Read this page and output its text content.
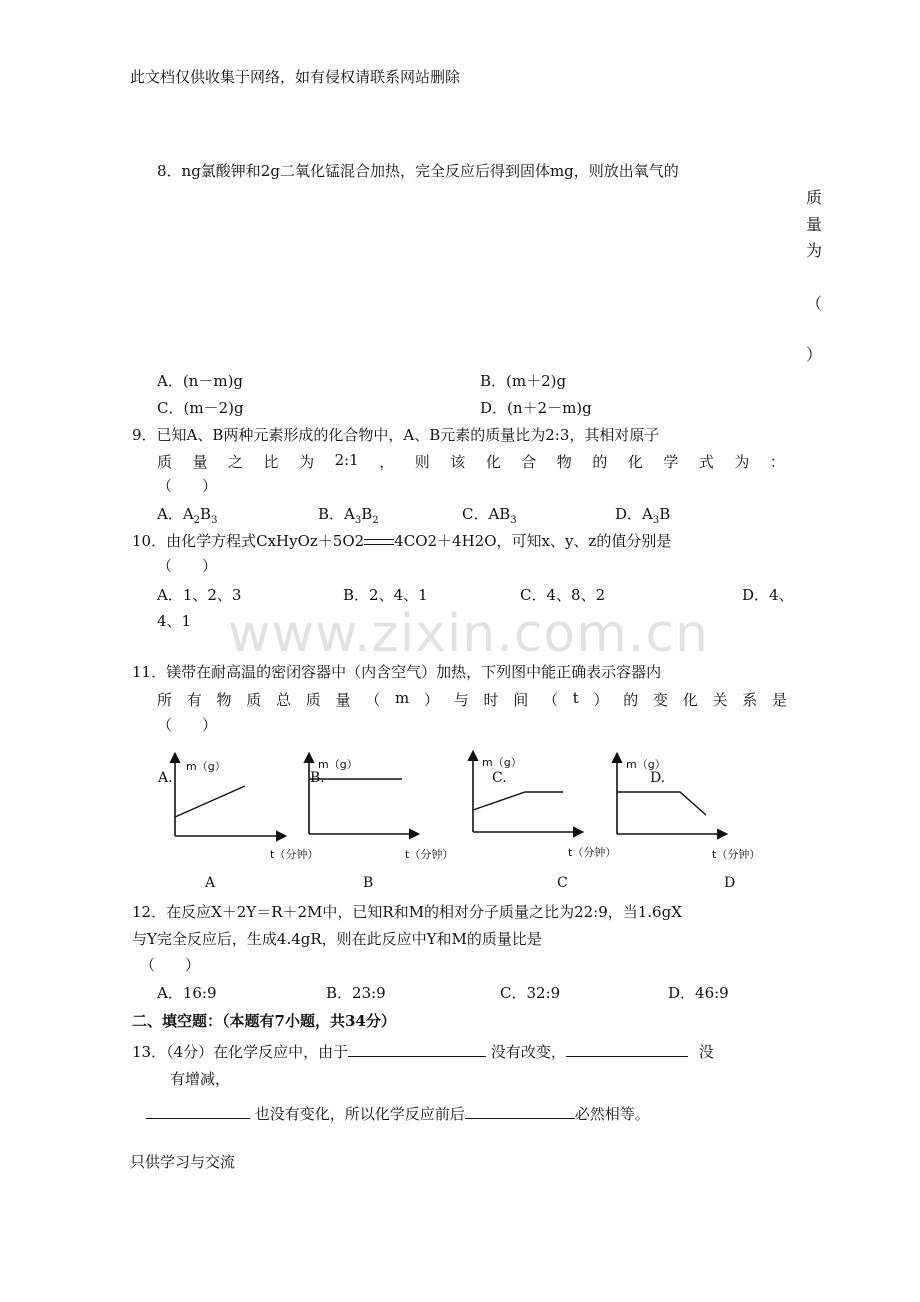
此文档仅供收集于网络，如有侵权请联系网站删除
www.zixin.com.cn
8．ng氯酸钾和2g二氧化锰混合加热，完全反应后得到固体mg，则放出氧气的
质
量
为
（
）
A．(n－m)g	B．(m＋2)g
C．(m－2)g	D．(n＋2－m)g
9．已知A、B两种元素形成的化合物中，A、B元素的质量比为2:3，其相对原子
质 量 之 比 为 2:1 ， 则 该 化 合 物 的 化 学 式 为 ：
（　　）
A．$A_2B_3$	B．$A_3B_2$	C．$AB_3$	D．$A_3B$
10．由化学方程式CxHyOz＋5O2 4CO2＋4H2O，可知x、y、z的值分别是
（　　）
A．1、2、3	B．2、4、1	C．4、8、2	D．4、
4、1
11．镁带在耐高温的密闭容器中（内含空气）加热，下列图中能正确表示容器内
所 有 物 质 总 质 量 （ m ） 与 时 间 （ t ） 的 变 化 关 系 是
（　　）
m（g）
A.
t（分钟）
A
m（g）
B.
t（分钟）
B
m（g）
C.
t（分钟）
C
m（g）
D.
t（分钟）
D
12．在反应X＋2Y＝R＋2M中，已知R和M的相对分子质量之比为22:9，当1.6gX
与Y完全反应后，生成4.4gR，则在此反应中Y和M的质量比是
（　　）
A．16:9	B．23:9	C．32:9	D．46:9
二、填空题：（本题有7小题，共34分）
13．（4分）在化学反应中，由于	没有改变，	没
有增减，
也没有变化，所以化学反应前后	必然相等。
只供学习与交流
